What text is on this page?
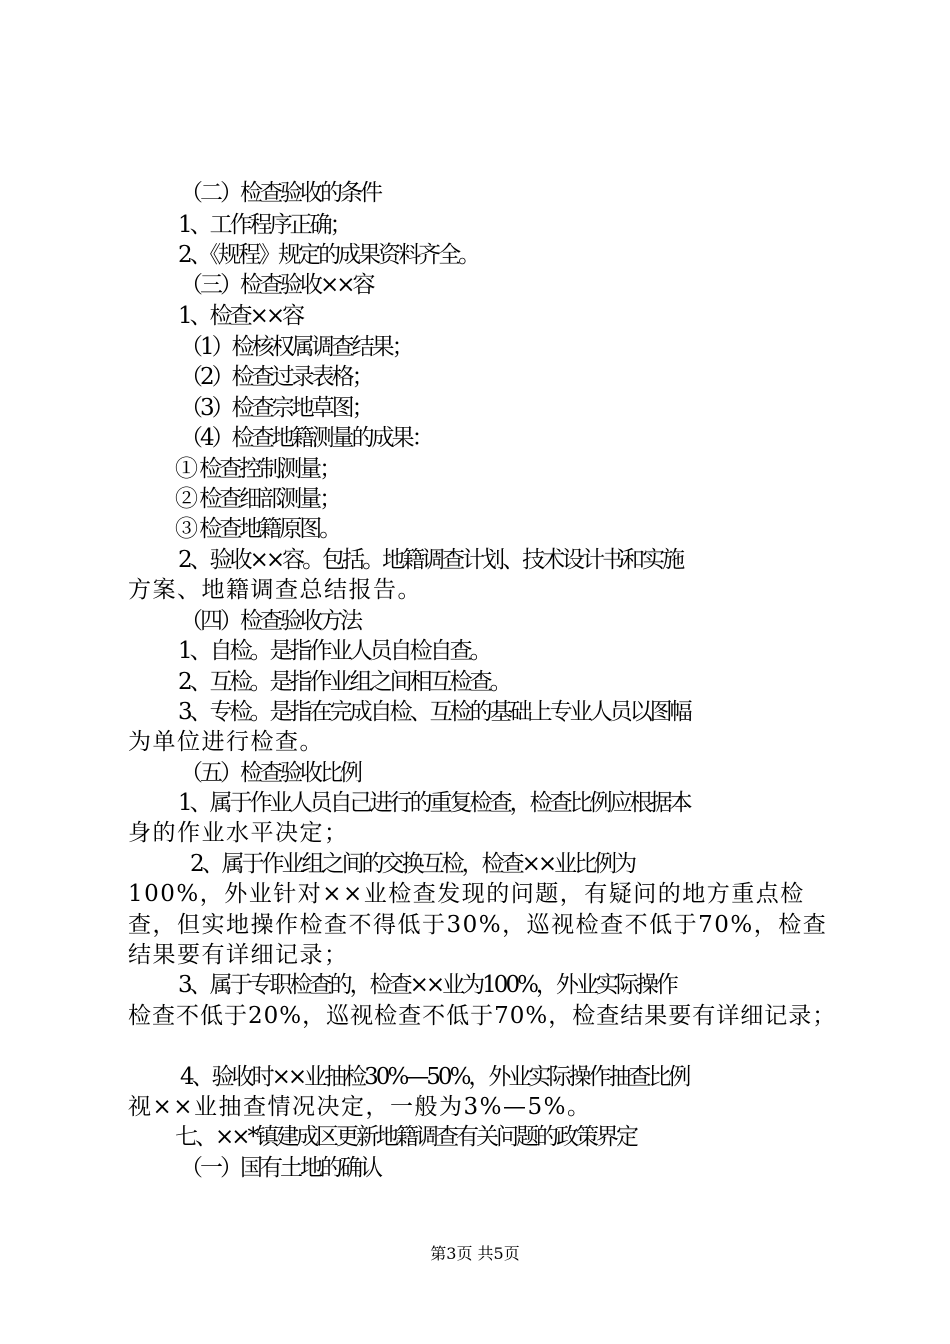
（二）检查验收的条件
1、工作程序正确；
2、《规程》规定的成果资料齐全。
（三）检查验收××容
1、检查××容
（1）检核权属调查结果；
（2）检查过录表格；
（3）检查宗地草图；
（4）检查地籍测量的成果：
① 检查控制测量；
② 检查细部测量；
③ 检查地籍原图。
2、验收××容。包括。地籍调查计划、技术设计书和实施
方案、地籍调查总结报告。
（四）检查验收方法
1、自检。是指作业人员自检自查。
2、互检。是指作业组之间相互检查。
3、专检。是指在完成自检、互检的基础上专业人员以图幅
为单位进行检查。
（五）检查验收比例
1、属于作业人员自己进行的重复检查，检查比例应根据本
身的作业水平决定；
2、属于作业组之间的交换互检，检查××业比例为
100%，外业针对××业检查发现的问题，有疑问的地方重点检
查，但实地操作检查不得低于30%，巡视检查不低于70%，检查
结果要有详细记录；
3、属于专职检查的，检查××业为100%，外业实际操作
检查不低于20%，巡视检查不低于70%，检查结果要有详细记录；
4、验收时××业抽检30%—50%，外业实际操作抽查比例
视××业抽查情况决定，一般为3%—5%。
七、××*镇建成区更新地籍调查有关问题的政策界定
（一）国有土地的确认
第3页 共5页
